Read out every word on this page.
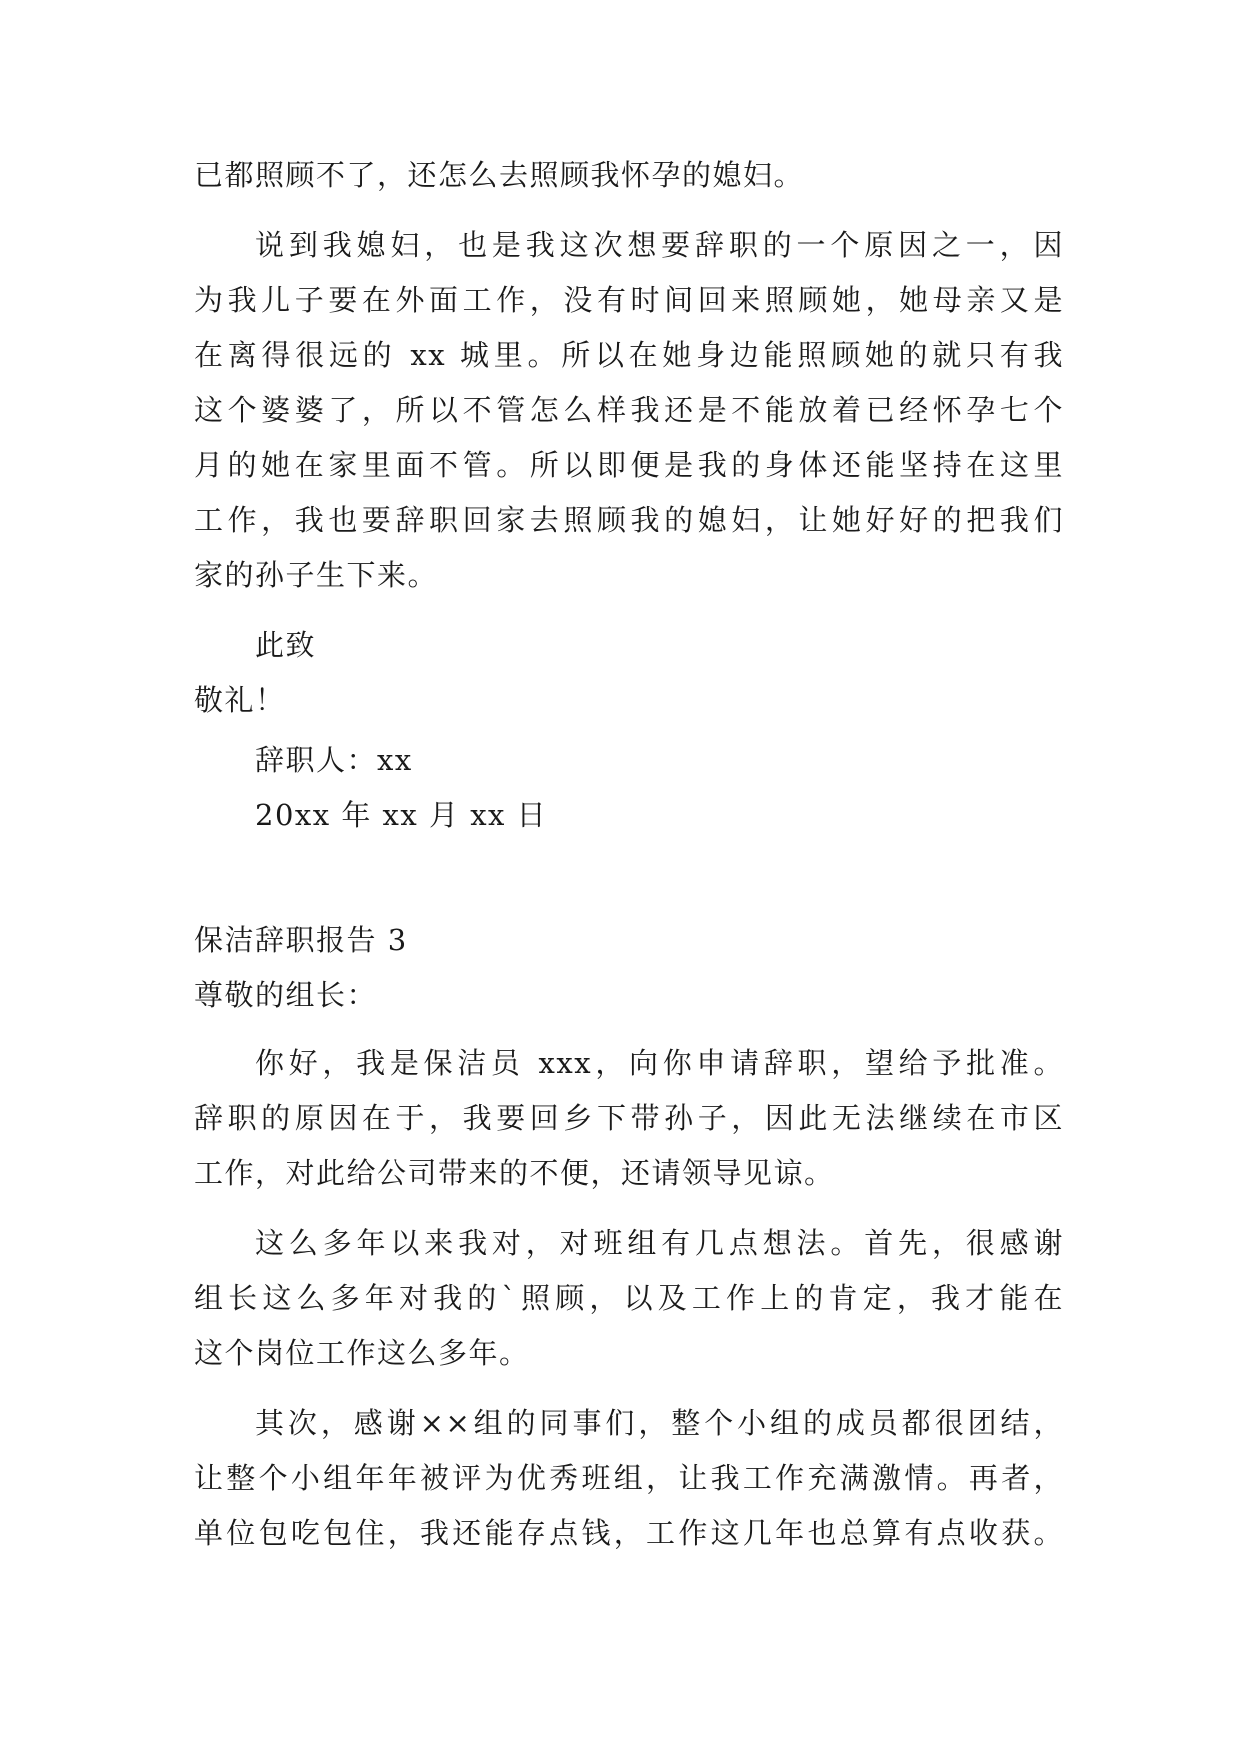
已都照顾不了，还怎么去照顾我怀孕的媳妇。
说到我媳妇，也是我这次想要辞职的一个原因之一，因
为我儿子要在外面工作，没有时间回来照顾她，她母亲又是
在离得很远的 xx 城里。所以在她身边能照顾她的就只有我
这个婆婆了，所以不管怎么样我还是不能放着已经怀孕七个
月的她在家里面不管。所以即便是我的身体还能坚持在这里
工作，我也要辞职回家去照顾我的媳妇，让她好好的把我们
家的孙子生下来。
此致
敬礼！
辞职人：xx
20xx 年 xx 月 xx 日
保洁辞职报告 3
尊敬的组长：
你好，我是保洁员 xxx，向你申请辞职，望给予批准。
辞职的原因在于，我要回乡下带孙子，因此无法继续在市区
工作，对此给公司带来的不便，还请领导见谅。
这么多年以来我对，对班组有几点想法。首先，很感谢
组长这么多年对我的`照顾，以及工作上的肯定，我才能在
这个岗位工作这么多年。
其次，感谢××组的同事们，整个小组的成员都很团结，
让整个小组年年被评为优秀班组，让我工作充满激情。再者，
单位包吃包住，我还能存点钱，工作这几年也总算有点收获。
